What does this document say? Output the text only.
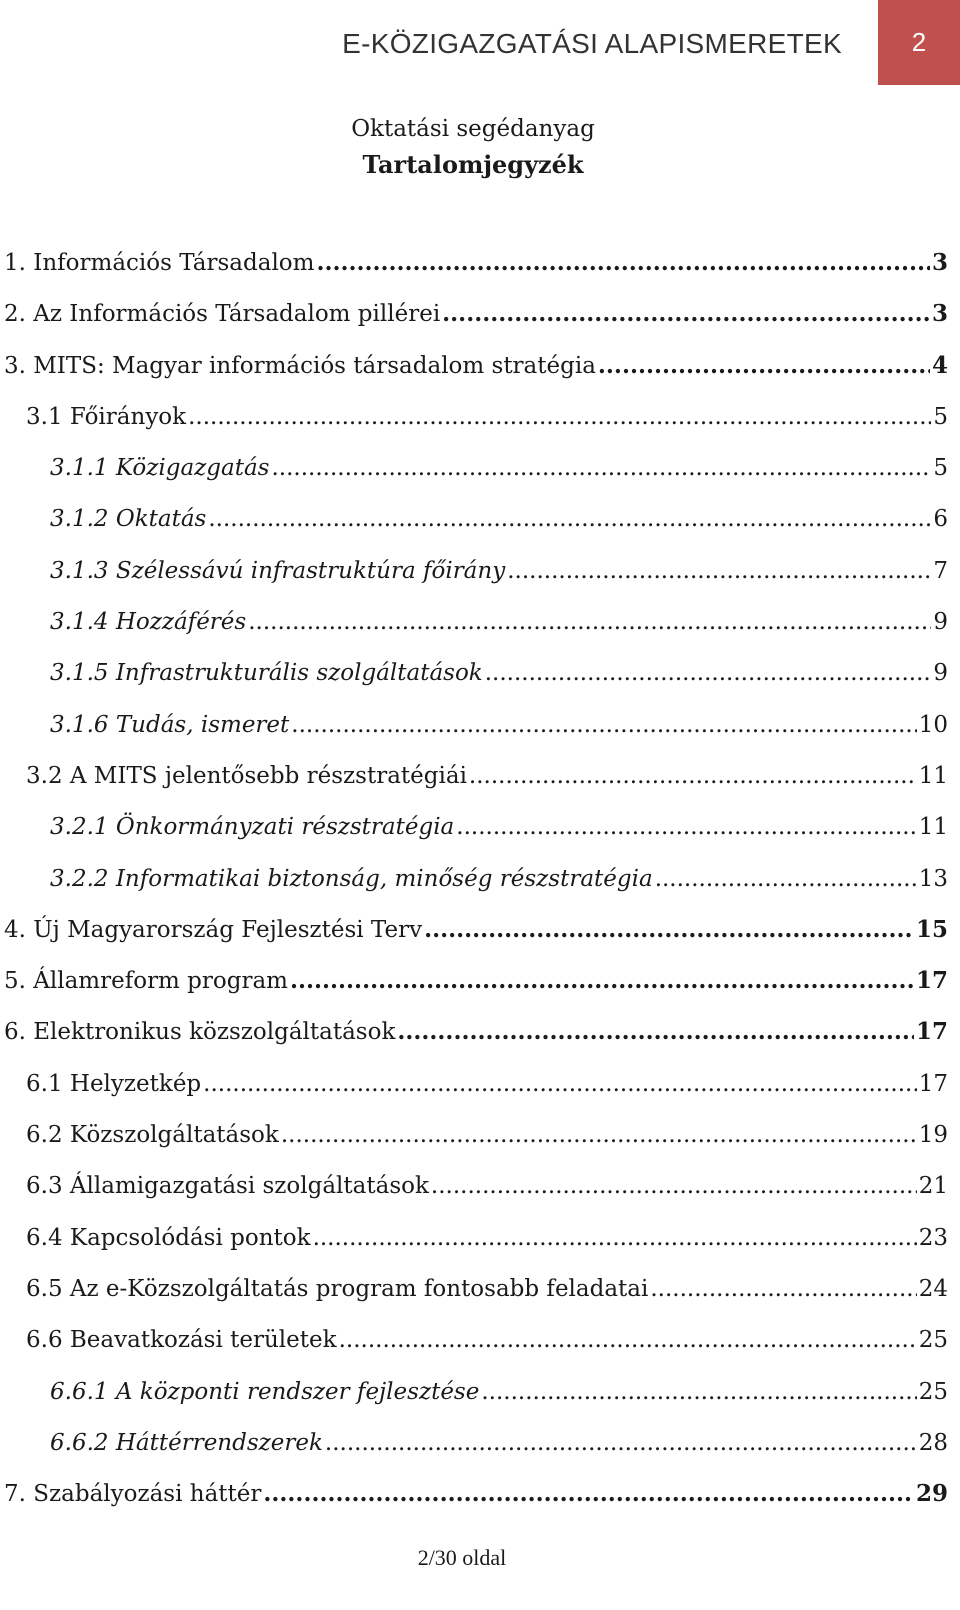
E-KÖZIGAZGATÁSI ALAPISMERETEK	2
Oktatási segédanyag
Tartalomjegyzék
1. Információs Társadalom .....	3
2. Az Információs Társadalom pillérei .....	3
3. MITS: Magyar információs társadalom stratégia .....	4
3.1 Főirányok .....	5
3.1.1 Közigazgatás .....	5
3.1.2 Oktatás .....	6
3.1.3 Szélessávú infrastruktúra főirány .....	7
3.1.4 Hozzáférés .....	9
3.1.5 Infrastrukturális szolgáltatások .....	9
3.1.6 Tudás, ismeret .....	10
3.2 A MITS jelentősebb részstratégiái .....	11
3.2.1 Önkormányzati részstratégia .....	11
3.2.2 Informatikai biztonság, minőség részstratégia .....	13
4. Új Magyarország Fejlesztési Terv .....	15
5. Államreform program .....	17
6. Elektronikus közszolgáltatások .....	17
6.1 Helyzetkép .....	17
6.2 Közszolgáltatások .....	19
6.3 Államigazgatási szolgáltatások .....	21
6.4 Kapcsolódási pontok .....	23
6.5 Az e-Közszolgáltatás program fontosabb feladatai .....	24
6.6 Beavatkozási területek .....	25
6.6.1 A központi rendszer fejlesztése .....	25
6.6.2 Háttérrendszerek .....	28
7. Szabályozási háttér .....	29
2/30 oldal
